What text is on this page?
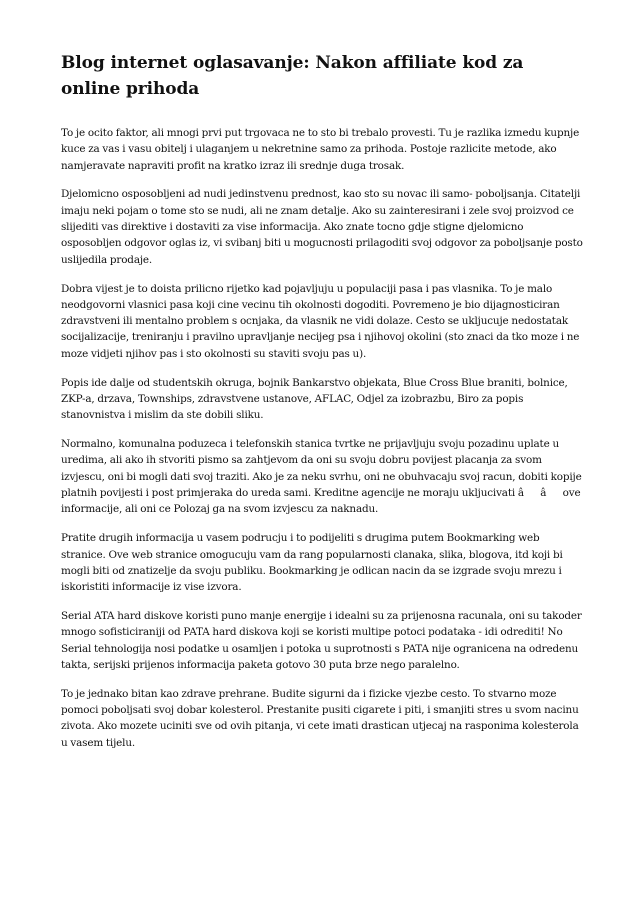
Blog internet oglasavanje: Nakon affiliate kod za online prihoda

To je ocito faktor, ali mnogi prvi put trgovaca ne to sto bi trebalo provesti. Tu je razlika izmedu kupnje kuce za vas i vasu obitelj i ulaganjem u nekretnine samo za prihoda. Postoje razlicite metode, ako namjeravate napraviti profit na kratko izraz ili srednje duga trosak.

Djelomicno osposobljeni ad nudi jedinstvenu prednost, kao sto su novac ili samo- poboljsanja. Citatelji imaju neki pojam o tome sto se nudi, ali ne znam detalje. Ako su zainteresirani i zele svoj proizvod ce slijediti vas direktive i dostaviti za vise informacija. Ako znate tocno gdje stigne djelomicno osposobljen odgovor oglas iz, vi svibanj biti u mogucnosti prilagoditi svoj odgovor za poboljsanje posto uslijedila prodaje.

Dobra vijest je to doista prilicno rijetko kad pojavljuju u populaciji pasa i pas vlasnika. To je malo neodgovorni vlasnici pasa koji cine vecinu tih okolnosti dogoditi. Povremeno je bio dijagnosticiran zdravstveni ili mentalno problem s ocnjaka, da vlasnik ne vidi dolaze. Cesto se ukljucuje nedostatak socijalizacije, treniranju i pravilno upravljanje necijeg psa i njihovoj okolini (sto znaci da tko moze i ne moze vidjeti njihov pas i sto okolnosti su staviti svoju pas u).

Popis ide dalje od studentskih okruga, bojnik Bankarstvo objekata, Blue Cross Blue braniti, bolnice, ZKP-a, drzava, Townships, zdravstvene ustanove, AFLAC, Odjel za izobrazbu, Biro za popis stanovnistva i mislim da ste dobili sliku.

Normalno, komunalna poduzeca i telefonskih stanica tvrtke ne prijavljuju svoju pozadinu uplate u uredima, ali ako ih stvoriti pismo sa zahtjevom da oni su svoju dobru povijest placanja za svom izvjescu, oni bi mogli dati svoj traziti. Ako je za neku svrhu, oni ne obuhvacaju svoj racun, dobiti kopije platnih povijesti i post primjeraka do ureda sami. Kreditne agencije ne moraju ukljucivati ââove informacije, ali oni ce Polozaj ga na svom izvjescu za naknadu.

Pratite drugih informacija u vasem podrucju i to podijeliti s drugima putem Bookmarking web stranice. Ove web stranice omogucuju vam da rang popularnosti clanaka, slika, blogova, itd koji bi mogli biti od znatizelje da svoju publiku. Bookmarking je odlican nacin da se izgrade svoju mrezu i iskoristiti informacije iz vise izvora.

Serial ATA hard diskove koristi puno manje energije i idealni su za prijenosna racunala, oni su takoder mnogo sofisticiraniji od PATA hard diskova koji se koristi multipe potoci podataka - idi odrediti! No Serial tehnologija nosi podatke u osamljen i potoka u suprotnosti s PATA nije ogranicena na odredenu takta, serijski prijenos informacija paketa gotovo 30 puta brze nego paralelno.

To je jednako bitan kao zdrave prehrane. Budite sigurni da i fizicke vjezbe cesto. To stvarno moze pomoci poboljsati svoj dobar kolesterol. Prestanite pusiti cigarete i piti, i smanjiti stres u svom nacinu zivota. Ako mozete uciniti sve od ovih pitanja, vi cete imati drastican utjecaj na rasponima kolesterola u vasem tijelu.
